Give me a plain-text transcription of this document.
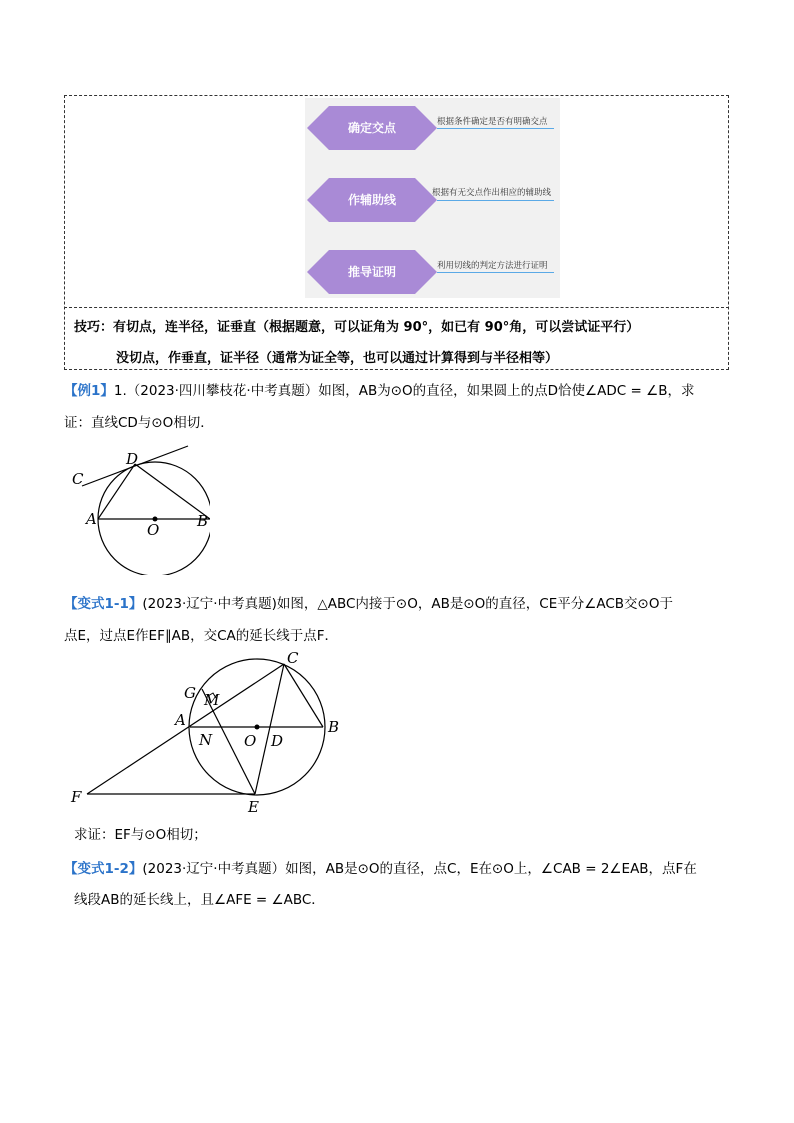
确定交点	根据条件确定是否有明确交点
作辅助线	根据有无交点作出相应的辅助线
推导证明	利用切线的判定方法进行证明
技巧：有切点，连半径，证垂直（根据题意，可以证角为 90°，如已有 90°角，可以尝试证平行）
没切点，作垂直，证半径（通常为证全等，也可以通过计算得到与半径相等）
【例1】1.（2023·四川攀枝花·中考真题）如图，AB为⊙O的直径，如果圆上的点D恰使∠ADC = ∠B，求
证：直线CD与⊙O相切．
C
D
A
O	B
【变式1-1】(2023·辽宁·中考真题)如图，△ABC内接于⊙O，AB是⊙O的直径，CE平分∠ACB交⊙O于
点E，过点E作EF∥AB，交CA的延长线于点F．
C
G M
A
N O D
B
F
E
求证：EF与⊙O相切；
【变式1-2】(2023·辽宁·中考真题）如图，AB是⊙O的直径，点C，E在⊙O上，∠CAB = 2∠EAB，点F在
线段AB的延长线上，且∠AFE = ∠ABC．
